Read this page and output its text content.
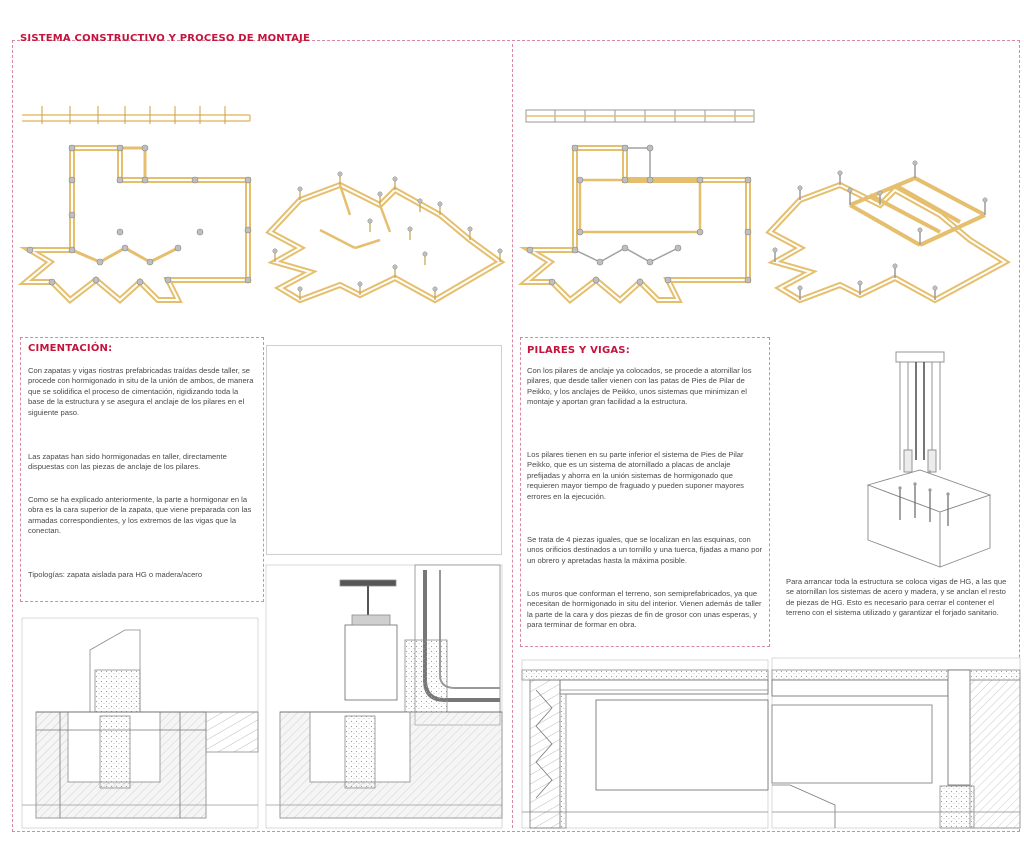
SISTEMA CONSTRUCTIVO Y PROCESO DE MONTAJE
CIMENTACIÓN:

Con zapatas y vigas riostras prefabricadas traídas desde taller, se procede con hormigonado in situ de la unión de ambos, de manera que se solidifica el proceso de cimentación, rigidizando toda la base de la estructura y se asegura el anclaje de los pilares en el siguiente paso.

Las zapatas han sido hormigonadas en taller, directamente dispuestas con las piezas de anclaje de los pilares.

Como se ha explicado anteriormente, la parte a hormigonar en la obra es la cara superior de la zapata, que viene preparada con las armadas correspondientes, y los extremos de las vigas que la conectan.

Tipologías: zapata aislada para HG o madera/acero

PILARES Y VIGAS:

Con los pilares de anclaje ya colocados, se procede a atornillar los pilares, que desde taller vienen con las patas de Pies de Pilar de Peikko, y los anclajes de Peikko, unos sistemas que minimizan el montaje y aportan gran facilidad a la estructura.

Los pilares tienen en su parte inferior el sistema de Pies de Pilar Peikko, que es un sistema de atornillado a placas de anclaje prefijadas y ahorra en la unión sistemas de hormigonado que requieren mayor tiempo de fraguado y pueden suponer mayores errores en la ejecución.

Se trata de 4 piezas iguales, que se localizan en las esquinas, con unos orificios destinados a un tornillo y una tuerca, fijadas a mano por un obrero y apretadas hasta la máxima posible.

Los muros que conforman el terreno, son semiprefabricados, ya que necesitan de hormigonado in situ del interior. Vienen además de taller la parte de la cara y dos piezas de fin de grosor con unas esperas, y para terminar de formar en obra.

Para arrancar toda la estructura se coloca vigas de HG, a las que se atornillan los sistemas de acero y madera, y se anclan el resto de piezas de HG. Esto es necesario para cerrar el contener el terreno con el sistema utilizado y garantizar el forjado sanitario.
